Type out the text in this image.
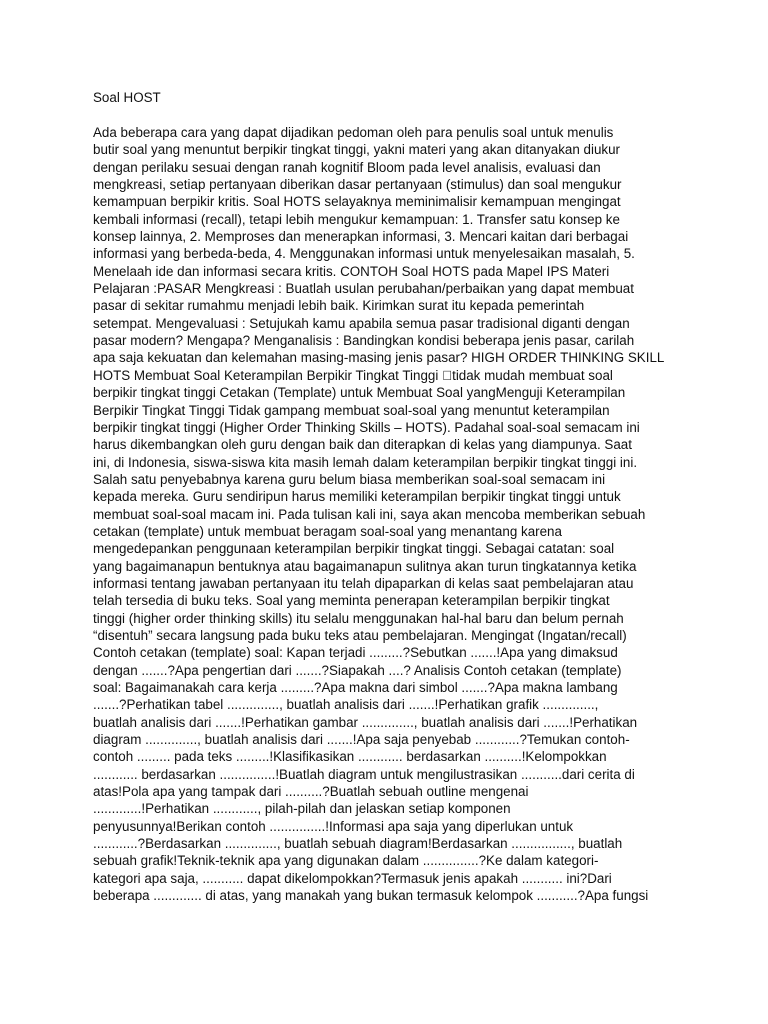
Soal HOST
Ada beberapa cara yang dapat dijadikan pedoman oleh para penulis soal untuk menulis
butir soal yang menuntut berpikir tingkat tinggi, yakni materi yang akan ditanyakan diukur
dengan perilaku sesuai dengan ranah kognitif Bloom pada level analisis, evaluasi dan
mengkreasi, setiap pertanyaan diberikan dasar pertanyaan (stimulus) dan soal mengukur
kemampuan berpikir kritis. Soal HOTS selayaknya meminimalisir kemampuan mengingat
kembali informasi (recall), tetapi lebih mengukur kemampuan: 1. Transfer satu konsep ke
konsep lainnya, 2. Memproses dan menerapkan informasi, 3. Mencari kaitan dari berbagai
informasi yang berbeda-beda, 4. Menggunakan informasi untuk menyelesaikan masalah, 5.
Menelaah ide dan informasi secara kritis. CONTOH Soal HOTS pada Mapel IPS Materi
Pelajaran :PASAR Mengkreasi : Buatlah usulan perubahan/perbaikan yang dapat membuat
pasar di sekitar rumahmu menjadi lebih baik. Kirimkan surat itu kepada pemerintah
setempat. Mengevaluasi : Setujukah kamu apabila semua pasar tradisional diganti dengan
pasar modern? Mengapa? Menganalisis : Bandingkan kondisi beberapa jenis pasar, carilah
apa saja kekuatan dan kelemahan masing-masing jenis pasar? HIGH ORDER THINKING SKILL
HOTS Membuat Soal Keterampilan Berpikir Tingkat Tinggi  tidak mudah membuat soal
berpikir tingkat tinggi Cetakan (Template) untuk Membuat Soal yangMenguji Keterampilan
Berpikir Tingkat Tinggi Tidak gampang membuat soal-soal yang menuntut keterampilan
berpikir tingkat tinggi (Higher Order Thinking Skills – HOTS). Padahal soal-soal semacam ini
harus dikembangkan oleh guru dengan baik dan diterapkan di kelas yang diampunya. Saat
ini, di Indonesia, siswa-siswa kita masih lemah dalam keterampilan berpikir tingkat tinggi ini.
Salah satu penyebabnya karena guru belum biasa memberikan soal-soal semacam ini
kepada mereka. Guru sendiripun harus memiliki keterampilan berpikir tingkat tinggi untuk
membuat soal-soal macam ini. Pada tulisan kali ini, saya akan mencoba memberikan sebuah
cetakan (template) untuk membuat beragam soal-soal yang menantang karena
mengedepankan penggunaan keterampilan berpikir tingkat tinggi. Sebagai catatan: soal
yang bagaimanapun bentuknya atau bagaimanapun sulitnya akan turun tingkatannya ketika
informasi tentang jawaban pertanyaan itu telah dipaparkan di kelas saat pembelajaran atau
telah tersedia di buku teks. Soal yang meminta penerapan keterampilan berpikir tingkat
tinggi (higher order thinking skills) itu selalu menggunakan hal-hal baru dan belum pernah
“disentuh” secara langsung pada buku teks atau pembelajaran. Mengingat (Ingatan/recall)
Contoh cetakan (template) soal: Kapan terjadi .........?Sebutkan .......!Apa yang dimaksud
dengan .......?Apa pengertian dari .......?Siapakah ....? Analisis Contoh cetakan (template)
soal: Bagaimanakah cara kerja .........?Apa makna dari simbol .......?Apa makna lambang
.......?Perhatikan tabel .............., buatlah analisis dari .......!Perhatikan grafik ..............,
buatlah analisis dari .......!Perhatikan gambar .............., buatlah analisis dari .......!Perhatikan
diagram .............., buatlah analisis dari .......!Apa saja penyebab ............?Temukan contoh-
contoh ......... pada teks .........!Klasifikasikan ............ berdasarkan ..........!Kelompokkan
............ berdasarkan ...............!Buatlah diagram untuk mengilustrasikan ...........dari cerita di
atas!Pola apa yang tampak dari ..........?Buatlah sebuah outline mengenai
.............!Perhatikan ............, pilah-pilah dan jelaskan setiap komponen
penyusunnya!Berikan contoh ...............!Informasi apa saja yang diperlukan untuk
............?Berdasarkan .............., buatlah sebuah diagram!Berdasarkan ................, buatlah
sebuah grafik!Teknik-teknik apa yang digunakan dalam ...............?Ke dalam kategori-
kategori apa saja, ........... dapat dikelompokkan?Termasuk jenis apakah ........... ini?Dari
beberapa ............. di atas, yang manakah yang bukan termasuk kelompok ...........?Apa fungsi
